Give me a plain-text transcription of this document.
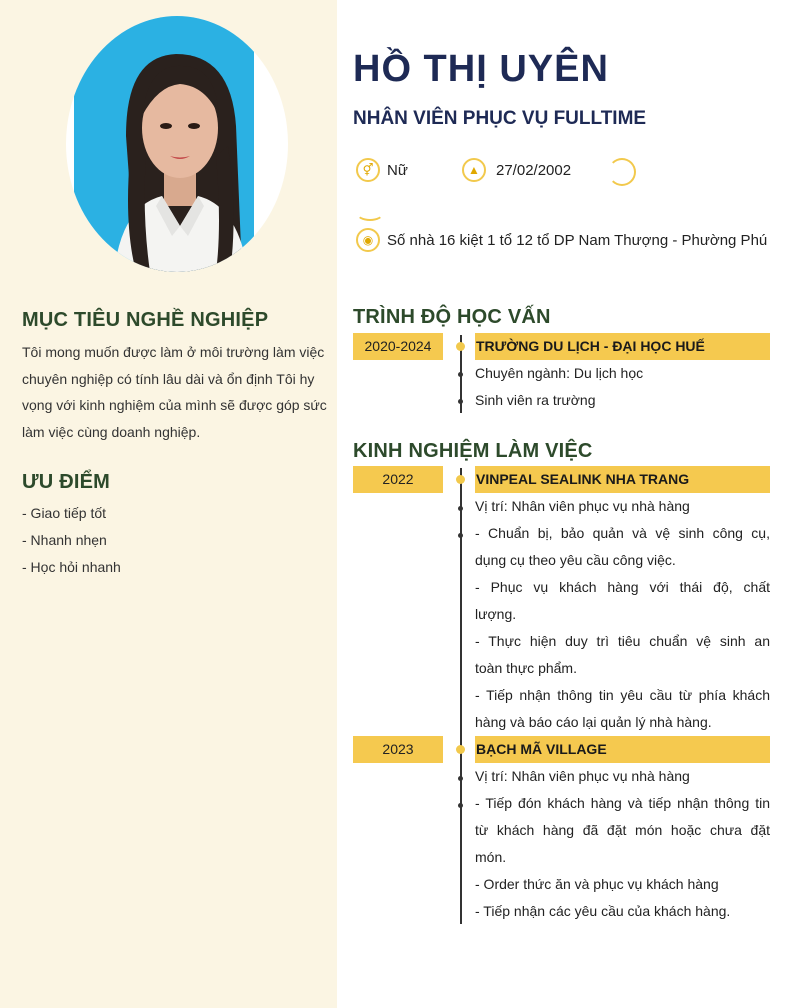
MỤC TIÊU NGHỀ NGHIỆP
Tôi mong muốn được làm ở môi trường làm việc
chuyên nghiệp có tính lâu dài và ổn định Tôi hy
vọng với kinh nghiệm của mình sẽ được góp sức
làm việc cùng doanh nghiệp.
ƯU ĐIỂM
- Giao tiếp tốt
- Nhanh nhẹn
- Học hỏi nhanh
HỒ THỊ UYÊN
NHÂN VIÊN PHỤC VỤ FULLTIME
⚥ Nữ	▲	27/02/2002
◉ Số nhà 16 kiệt 1 tổ 12 tổ DP Nam Thượng - Phường Phú
TRÌNH ĐỘ HỌC VẤN
2020-2024	TRƯỜNG DU LỊCH - ĐẠI HỌC HUẾ
Chuyên ngành: Du lịch học
Sinh viên ra trường
KINH NGHIỆM LÀM VIỆC
2022	VINPEAL SEALINK NHA TRANG
Vị trí: Nhân viên phục vụ nhà hàng
- Chuẩn bị, bảo quản và vệ sinh công cụ,
dụng cụ theo yêu cầu công việc.
- Phục vụ khách hàng với thái độ, chất
lượng.
- Thực hiện duy trì tiêu chuẩn vệ sinh an
toàn thực phẩm.
- Tiếp nhận thông tin yêu cầu từ phía khách
hàng và báo cáo lại quản lý nhà hàng.
2023	BẠCH MÃ VILLAGE
Vị trí: Nhân viên phục vụ nhà hàng
- Tiếp đón khách hàng và tiếp nhận thông tin
từ khách hàng đã đặt món hoặc chưa đặt
món.
- Order thức ăn và phục vụ khách hàng
- Tiếp nhận các yêu cầu của khách hàng.
